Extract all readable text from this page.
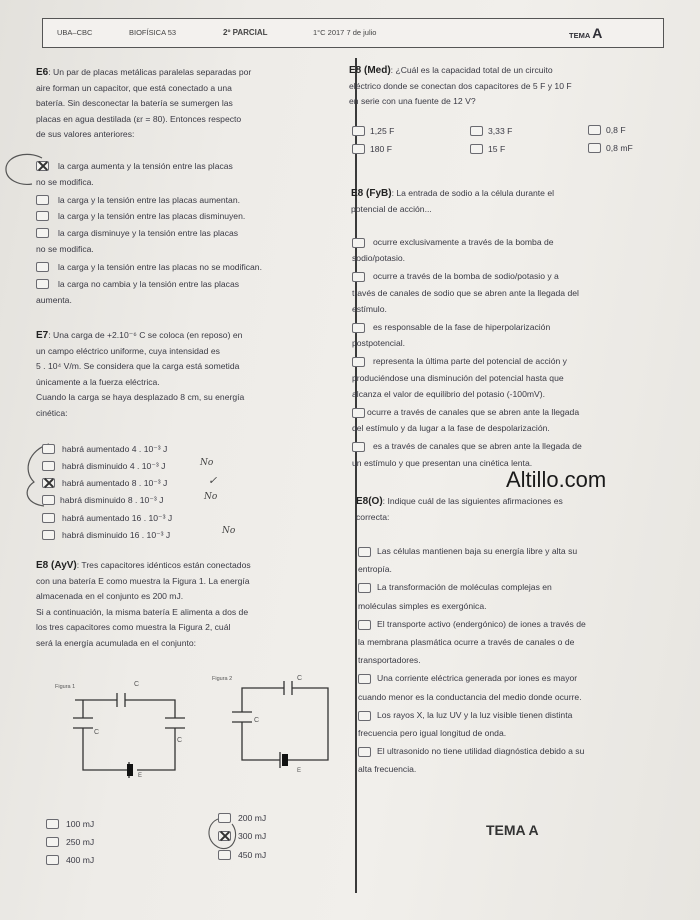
UBA–CBC	BIOFÍSICA 53	2º PARCIAL	1°C 2017 7 de julio	TEMA A
E6: Un par de placas metálicas paralelas separadas por
aire forman un capacitor, que está conectado a una
batería. Sin desconectar la batería se sumergen las
placas en agua destilada (εr = 80). Entonces respecto
de sus valores anteriores:
la carga aumenta y la tensión entre las placas
no se modifica.
la carga y la tensión entre las placas aumentan.
la carga y la tensión entre las placas disminuyen.
la carga disminuye y la tensión entre las placas
no se modifica.
la carga y la tensión entre las placas no se modifican.
la carga no cambia y la tensión entre las placas
aumenta.
E7: Una carga de +2.10⁻⁶ C se coloca (en reposo) en
un campo eléctrico uniforme, cuya intensidad es
5 . 10⁴ V/m. Se considera que la carga está sometida
únicamente a la fuerza eléctrica.
Cuando la carga se haya desplazado 8 cm, su energía
cinética:
habrá aumentado 4 . 10⁻³ J
habrá disminuido 4 . 10⁻³ J	No
habrá aumentado 8 . 10⁻³ J	✓
habrá disminuido 8 . 10⁻³ J	No
habrá aumentado 16 . 10⁻³ J
habrá disminuido 16 . 10⁻³ J	No
E8 (AyV): Tres capacitores idénticos están conectados
con una batería E como muestra la Figura 1. La energía
almacenada en el conjunto es 200 mJ.
Si a continuación, la misma batería E alimenta a dos de
los tres capacitores como muestra la Figura 2, cuál
será la energía acumulada en el conjunto:
Figura 1	C
C
C
E
Figura 2	C
C
E
100 mJ
250 mJ
400 mJ
200 mJ
300 mJ
450 mJ
E8 (Med): ¿Cuál es la capacidad total de un circuito
eléctrico donde se conectan dos capacitores de 5 F y 10 F
en serie con una fuente de 12 V?
1,25 F	3,33 F	0,8 F
180 F	15 F	0,8 mF
E8 (FyB): La entrada de sodio a la célula durante el
potencial de acción...
ocurre exclusivamente a través de la bomba de
sodio/potasio.
ocurre a través de la bomba de sodio/potasio y a
través de canales de sodio que se abren ante la llegada del
estímulo.
es responsable de la fase de hiperpolarización
postpotencial.
representa la última parte del potencial de acción y
produciéndose una disminución del potencial hasta que
alcanza el valor de equilibrio del potasio (-100mV).
ocurre a través de canales que se abren ante la llegada
del estímulo y da lugar a la fase de despolarización.
es a través de canales que se abren ante la llegada de
un estímulo y que presentan una cinética lenta.
Altillo.com
E8(O): Indique cuál de las siguientes afirmaciones es
correcta:
Las células mantienen baja su energía libre y alta su
entropía.
La transformación de moléculas complejas en
moléculas simples es exergónica.
El transporte activo (endergónico) de iones a través de
la membrana plasmática ocurre a través de canales o de
transportadores.
Una corriente eléctrica generada por iones es mayor
cuando menor es la conductancia del medio donde ocurre.
Los rayos X, la luz UV y la luz visible tienen distinta
frecuencia pero igual longitud de onda.
El ultrasonido no tiene utilidad diagnóstica debido a su
alta frecuencia.
TEMA A
